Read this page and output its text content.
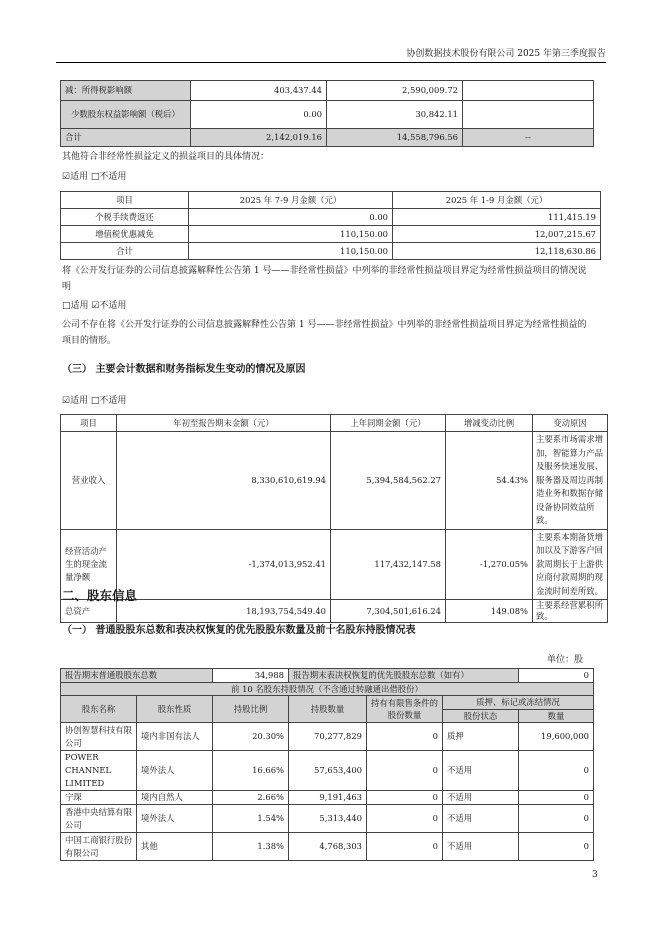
协创数据技术股份有限公司 2025 年第三季度报告
减：所得税影响额	403,437.44	2,590,009.72	
少数股东权益影响额（税后）	0.00	30,842.11	
合计	2,142,019.16	14,558,796.56	--
其他符合非经常性损益定义的损益项目的具体情况：
☑适用 □不适用
项目	2025 年 7-9 月金额（元）	2025 年 1-9 月金额（元）
个税手续费返还	0.00	111,415.19
增值税优惠减免	110,150.00	12,007,215.67
合计	110,150.00	12,118,630.86
将《公开发行证券的公司信息披露解释性公告第 1 号——非经常性损益》中列举的非经常性损益项目界定为经常性损益项目的情况说明
□适用 ☑不适用
公司不存在将《公开发行证券的公司信息披露解释性公告第 1 号——非经常性损益》中列举的非经常性损益项目界定为经常性损益的项目的情形。
（三） 主要会计数据和财务指标发生变动的情况及原因
☑适用 □不适用
项目	年初至报告期末金额（元）	上年同期金额（元）	增减变动比例	变动原因
营业收入	8,330,610,619.94	5,394,584,562.27	54.43%	主要系市场需求增加，智能算力产品及服务快速发展、服务器及周边再制造业务和数据存储设备协同效益所致。
经营活动产生的现金流量净额	-1,374,013,952.41	117,432,147.58	-1,270.05%	主要系本期备货增加以及下游客户回款周期长于上游供应商付款周期的现金流时间差所致。
总资产	18,193,754,549.40	7,304,501,616.24	149.08%	主要系经营累积所致。
二、股东信息
（一） 普通股股东总数和表决权恢复的优先股股东数量及前十名股东持股情况表
单位：股
报告期末普通股股东总数		34,988	报告期末表决权恢复的优先股股东总数（如有）			0
前 10 名股东持股情况（不含通过转融通出借股份）						
股东名称	股东性质	持股比例	持股数量	持有有限售条件的股份数量	质押、标记或冻结情况	
					股份状态	数量
协创智慧科技有限公司	境内非国有法人	20.30%	70,277,829	0	质押	19,600,000
POWER CHANNEL LIMITED	境外法人	16.66%	57,653,400	0	不适用	0
宁琛	境内自然人	2.66%	9,191,463	0	不适用	0
香港中央结算有限公司	境外法人	1.54%	5,313,440	0	不适用	0
中国工商银行股份有限公司	其他	1.38%	4,768,303	0	不适用	0
3
